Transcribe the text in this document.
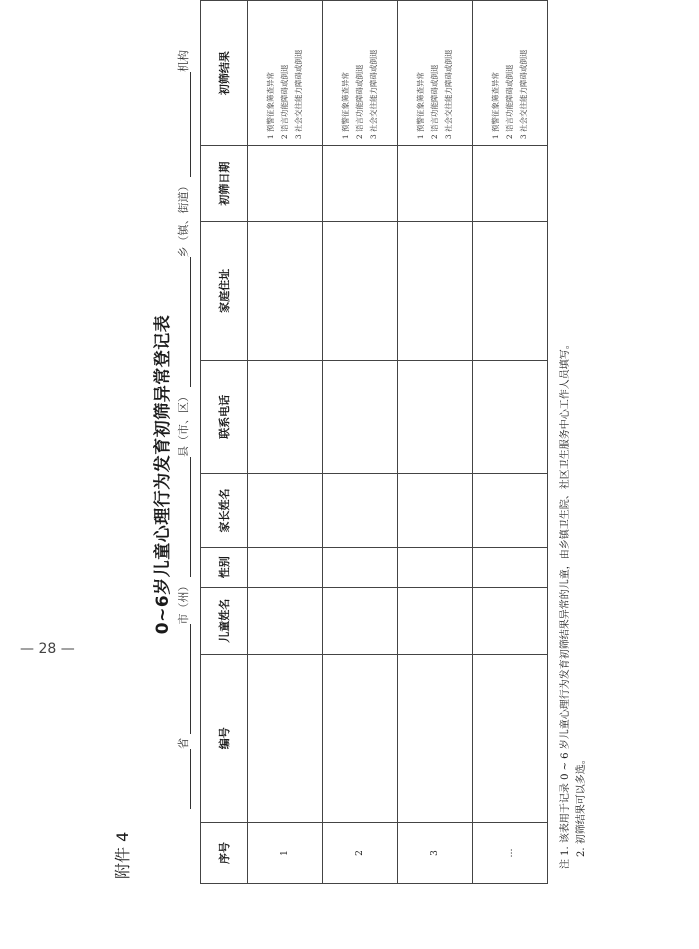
附件 4
0~6岁儿童心理行为发育初筛异常登记表
省 市（州） 县（市、区） 乡（镇、街道） 机构
序号	编号	儿童姓名	性别	家长姓名	联系电话	家庭住址	初筛日期	初筛结果
1								1 预警征象筛查异常 2 语言功能障碍或倒退 3 社会交往能力障碍或倒退

2								1 预警征象筛查异常 2 语言功能障碍或倒退 3 社会交往能力障碍或倒退

3								1 预警征象筛查异常 2 语言功能障碍或倒退 3 社会交往能力障碍或倒退

…								1 预警征象筛查异常 2 语言功能障碍或倒退 3 社会交往能力障碍或倒退
注 1. 该表用于记录 0 ~ 6 岁儿童心理行为发育初筛结果异常的儿童，由乡镇卫生院、社区卫生服务中心工作人员填写。 2. 初筛结果可以多选。
— 28 —
